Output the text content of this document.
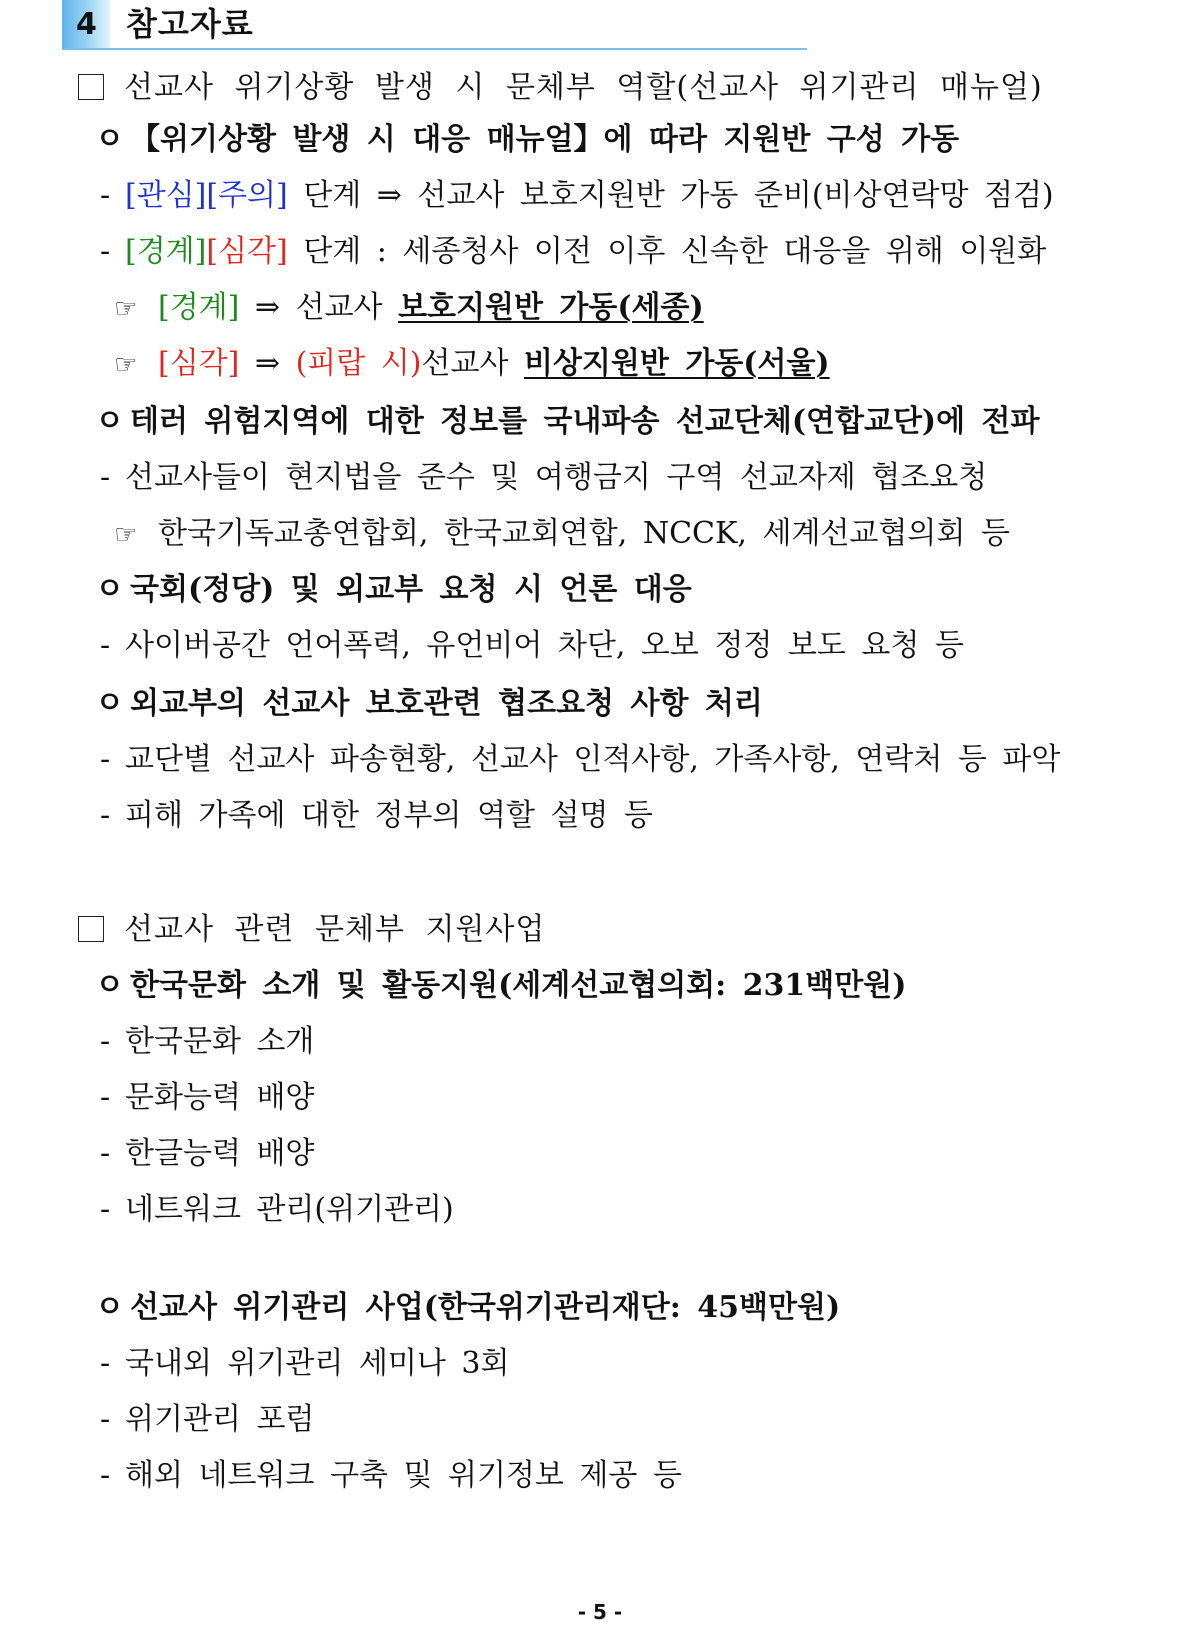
4 참고자료
선교사 위기상황 발생 시 문체부 역할(선교사 위기관리 매뉴얼)
ㅇ 【위기상황 발생 시 대응 매뉴얼】에 따라 지원반 구성 가동
- [관심][주의] 단계 ⇒ 선교사 보호지원반 가동 준비(비상연락망 점검)
- [경계][심각] 단계 : 세종청사 이전 이후 신속한 대응을 위해 이원화
☞ [경계] ⇒ 선교사 보호지원반 가동(세종)
☞ [심각] ⇒ (피랍 시)선교사 비상지원반 가동(서울)
ㅇ 테러 위험지역에 대한 정보를 국내파송 선교단체(연합교단)에 전파
- 선교사들이 현지법을 준수 및 여행금지 구역 선교자제 협조요청
☞ 한국기독교총연합회, 한국교회연합, NCCK, 세계선교협의회 등
ㅇ 국회(정당) 및 외교부 요청 시 언론 대응
- 사이버공간 언어폭력, 유언비어 차단, 오보 정정 보도 요청 등
ㅇ 외교부의 선교사 보호관련 협조요청 사항 처리
- 교단별 선교사 파송현황, 선교사 인적사항, 가족사항, 연락처 등 파악
- 피해 가족에 대한 정부의 역할 설명 등
선교사 관련 문체부 지원사업
ㅇ 한국문화 소개 및 활동지원(세계선교협의회: 231백만원)
- 한국문화 소개
- 문화능력 배양
- 한글능력 배양
- 네트워크 관리(위기관리)
ㅇ 선교사 위기관리 사업(한국위기관리재단: 45백만원)
- 국내외 위기관리 세미나 3회
- 위기관리 포럼
- 해외 네트워크 구축 및 위기정보 제공 등
- 5 -
